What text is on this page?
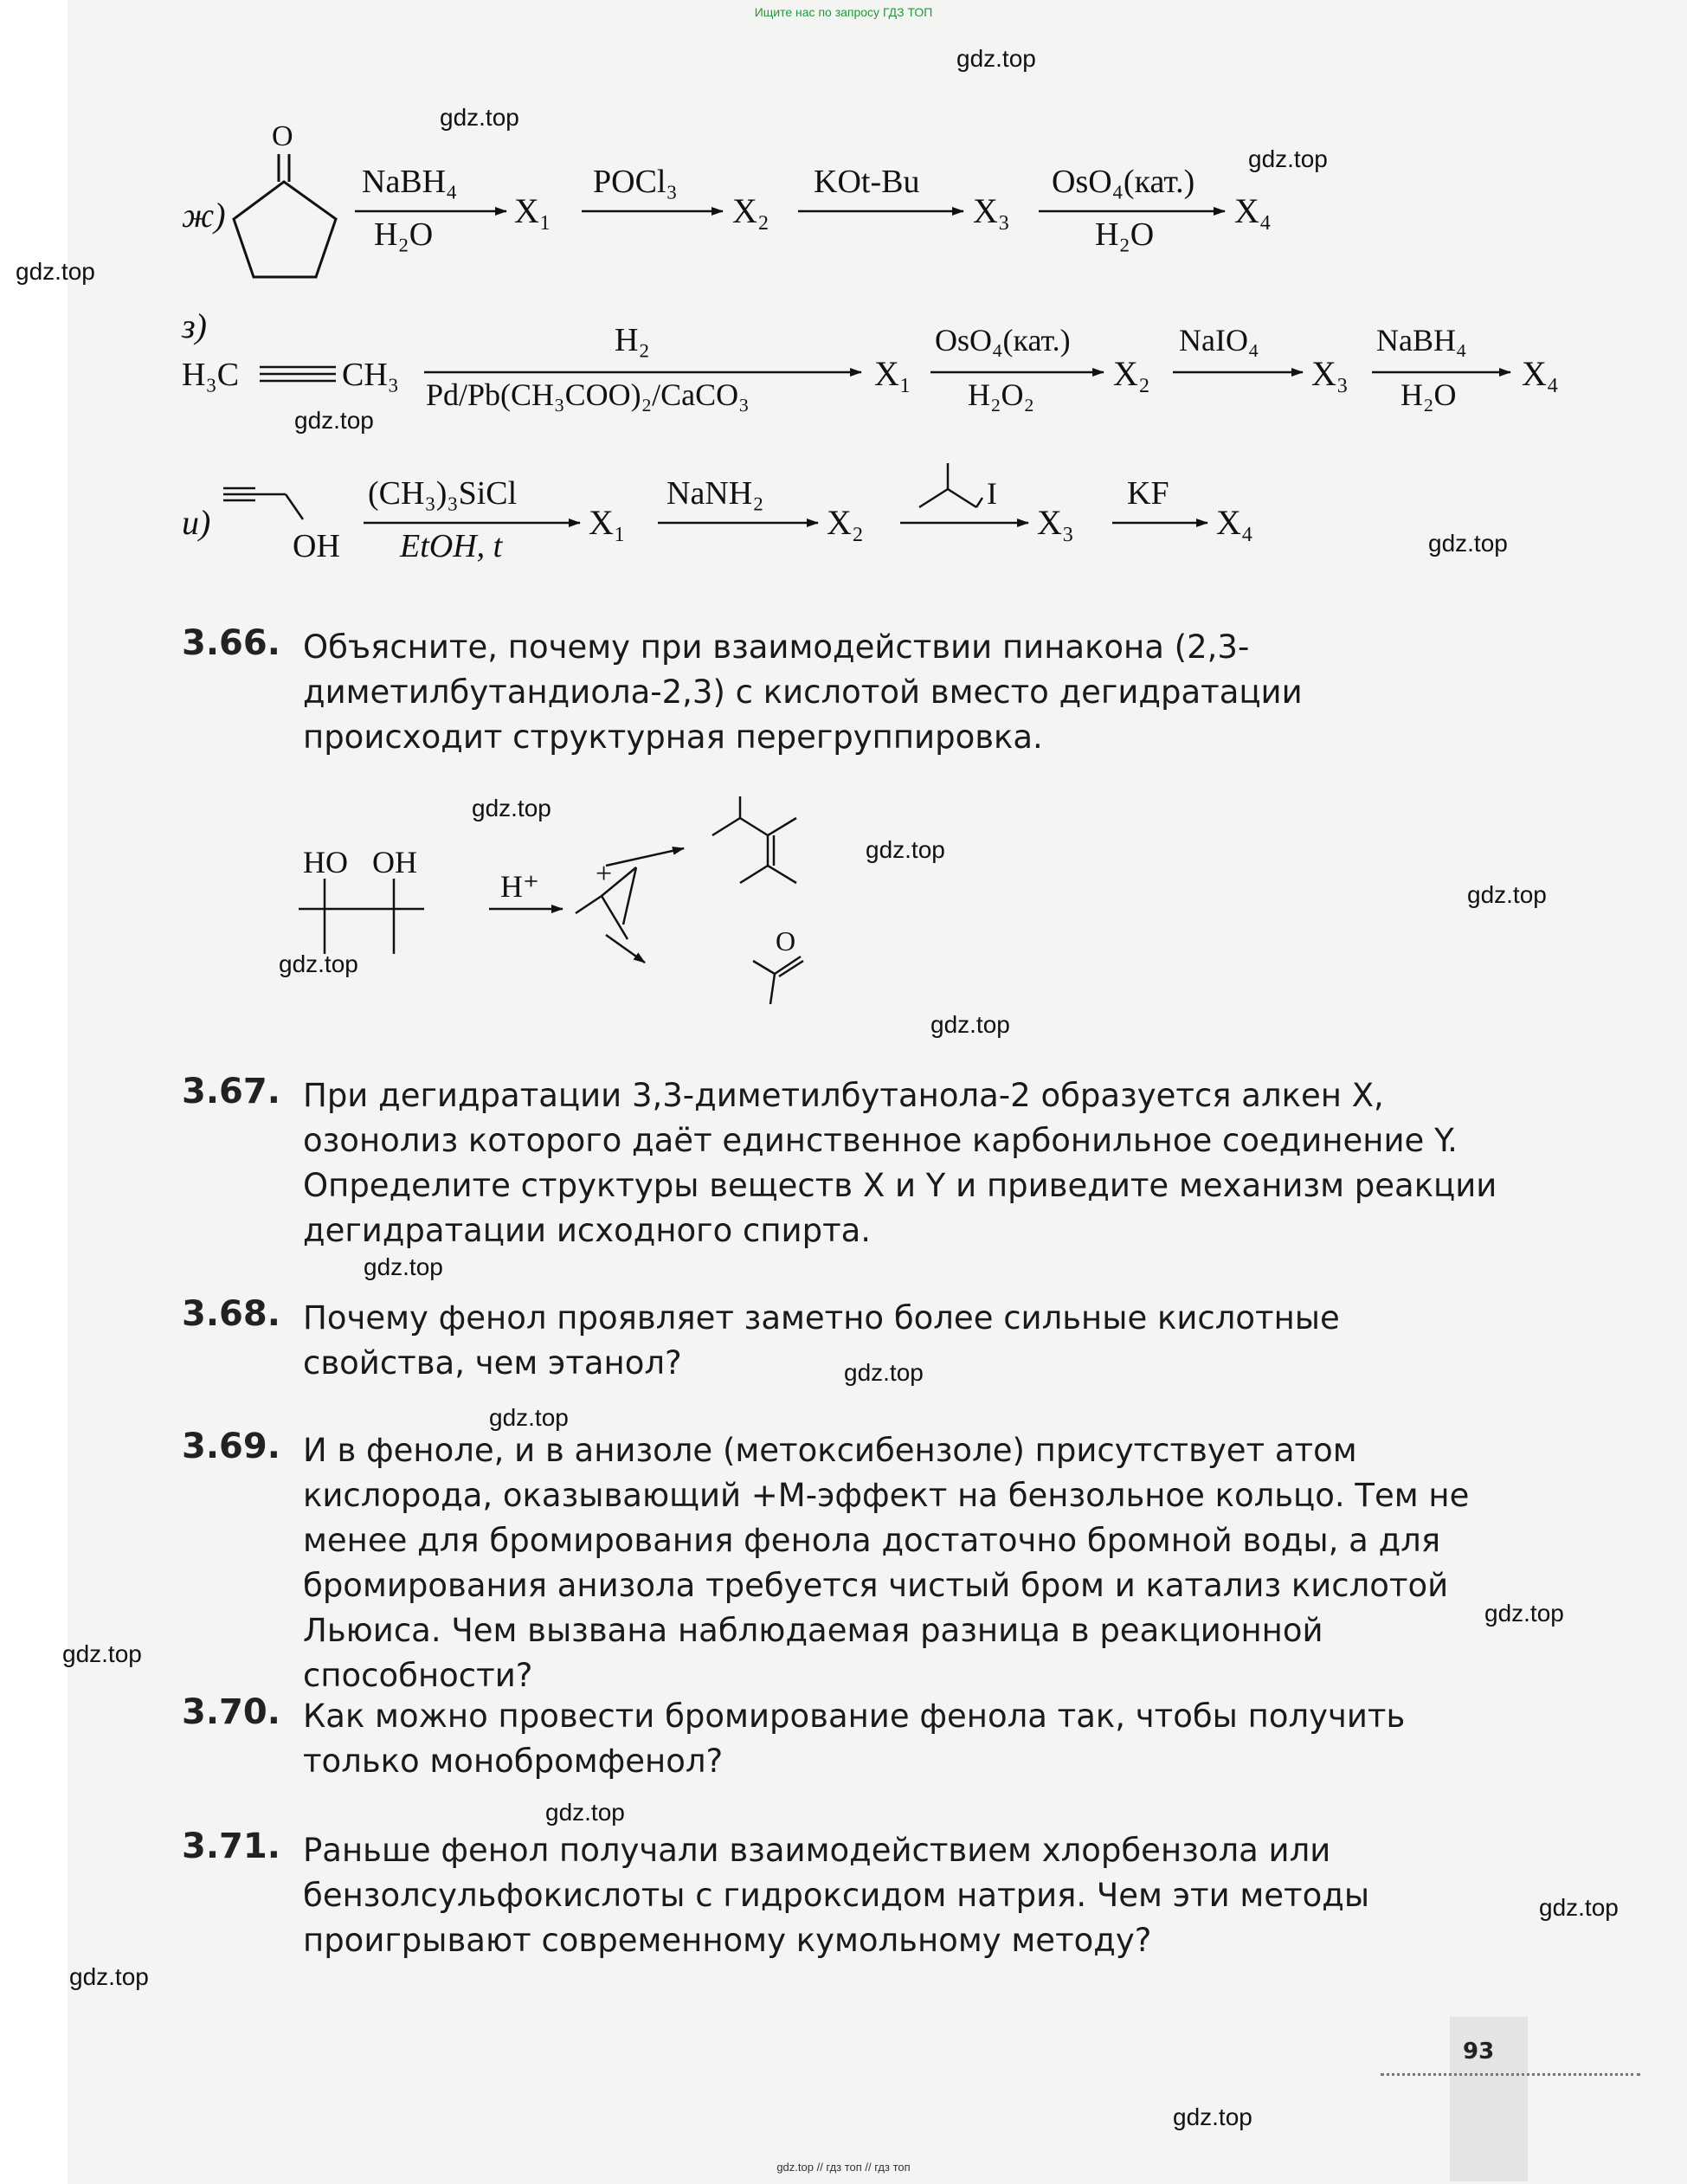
Ищите нас по запросу ГДЗ ТОП
ж)
O
NaBH₄
H₂O
X₁
POCl₃
X₂
KOt-Bu
X₃
OsO₄(кат.)
H₂O
X₄
з)
H₃C	CH₃
H₂
Pd/Pb(CH₃COO)₂/CaCO₃
X₁
OsO₄(кат.)
H₂O₂
X₂
NaIO₄
X₃
NaBH₄
H₂O
X₄
и)
OH
(CH₃)₃SiCl
EtOH, t
X₁
NaNH₂
X₂
I
X₃
KF
X₄
HO OH
H⁺ +
O
3.66. Объясните, почему при взаимодействии пинакона (2,3-диметилбутандиола-2,3) с кислотой вместо дегидратации происходит структурная перегруппировка.
3.67. При дегидратации 3,3-диметилбутанола-2 образуется алкен X, озонолиз которого даёт единственное карбонильное соединение Y. Определите структуры веществ X и Y и приведите механизм реакции дегидратации исходного спирта.
3.68. Почему фенол проявляет заметно более сильные кислотные свойства, чем этанол?
3.69. И в феноле, и в анизоле (метоксибензоле) присутствует атом кислорода, оказывающий +M-эффект на бензольное кольцо. Тем не менее для бромирования фенола достаточно бромной воды, а для бромирования анизола требуется чистый бром и катализ кислотой Льюиса. Чем вызвана наблюдаемая разница в реакционной способности?
3.70. Как можно провести бромирование фенола так, чтобы получить только монобромфенол?
3.71. Раньше фенол получали взаимодействием хлорбензола или бензолсульфокислоты с гидроксидом натрия. Чем эти методы проигрывают современному кумольному методу?
93
gdz.top
gdz.top
gdz.top
gdz.top
gdz.top
gdz.top
gdz.top
gdz.top
gdz.top
gdz.top
gdz.top
gdz.top
gdz.top
gdz.top
gdz.top
gdz.top
gdz.top
gdz.top
gdz.top
gdz.top
gdz.top // гдз топ // гдз топ
